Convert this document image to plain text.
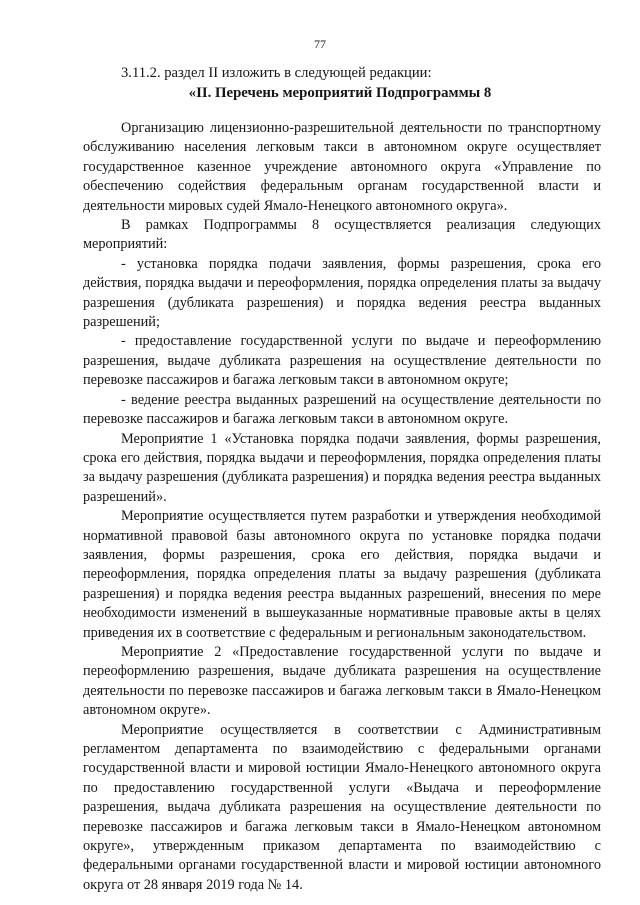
77
3.11.2. раздел II изложить в следующей редакции:
«II. Перечень мероприятий Подпрограммы 8

Организацию лицензионно-разрешительной деятельности по транспортному обслуживанию населения легковым такси в автономном округе осуществляет государственное казенное учреждение автономного округа «Управление по обеспечению содействия федеральным органам государственной власти и деятельности мировых судей Ямало-Ненецкого автономного округа».

В рамках Подпрограммы 8 осуществляется реализация следующих мероприятий:

- установка порядка подачи заявления, формы разрешения, срока его действия, порядка выдачи и переоформления, порядка определения платы за выдачу разрешения (дубликата разрешения) и порядка ведения реестра выданных разрешений;

- предоставление государственной услуги по выдаче и переоформлению разрешения, выдаче дубликата разрешения на осуществление деятельности по перевозке пассажиров и багажа легковым такси в автономном округе;

- ведение реестра выданных разрешений на осуществление деятельности по перевозке пассажиров и багажа легковым такси в автономном округе.

Мероприятие 1 «Установка порядка подачи заявления, формы разрешения, срока его действия, порядка выдачи и переоформления, порядка определения платы за выдачу разрешения (дубликата разрешения) и порядка ведения реестра выданных разрешений».

Мероприятие осуществляется путем разработки и утверждения необходимой нормативной правовой базы автономного округа по установке порядка подачи заявления, формы разрешения, срока его действия, порядка выдачи и переоформления, порядка определения платы за выдачу разрешения (дубликата разрешения) и порядка ведения реестра выданных разрешений, внесения по мере необходимости изменений в вышеуказанные нормативные правовые акты в целях приведения их в соответствие с федеральным и региональным законодательством.

Мероприятие 2 «Предоставление государственной услуги по выдаче и переоформлению разрешения, выдаче дубликата разрешения на осуществление деятельности по перевозке пассажиров и багажа легковым такси в Ямало-Ненецком автономном округе».

Мероприятие осуществляется в соответствии с Административным регламентом департамента по взаимодействию с федеральными органами государственной власти и мировой юстиции Ямало-Ненецкого автономного округа по предоставлению государственной услуги «Выдача и переоформление разрешения, выдача дубликата разрешения на осуществление деятельности по перевозке пассажиров и багажа легковым такси в Ямало-Ненецком автономном округе», утвержденным приказом департамента по взаимодействию с федеральными органами государственной власти и мировой юстиции автономного округа от 28 января 2019 года № 14.
